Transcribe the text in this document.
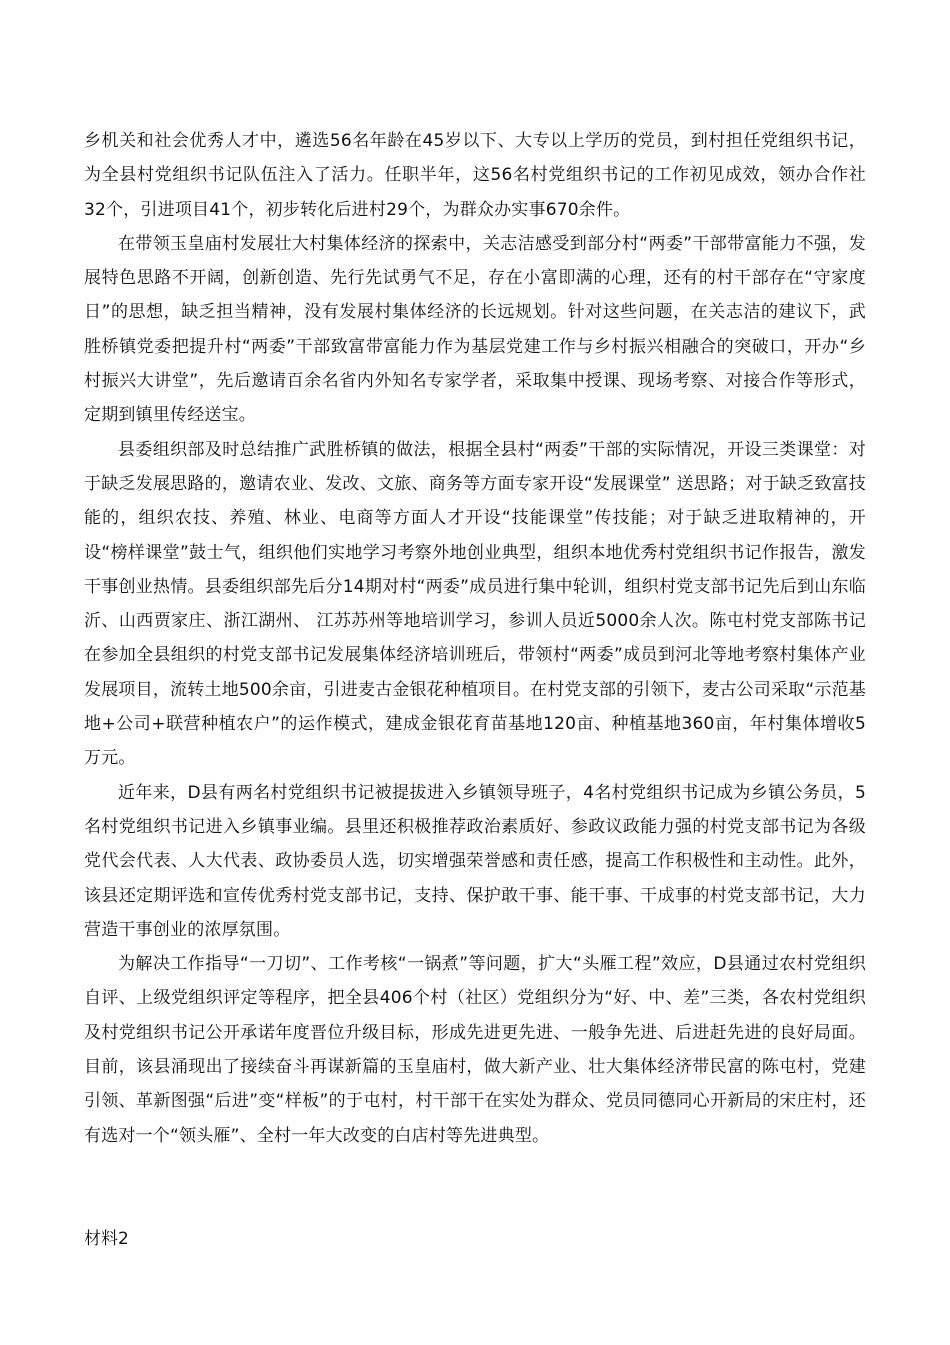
乡机关和社会优秀人才中，遴选56名年龄在45岁以下、大专以上学历的党员，到村担任党组织书记，为全县村党组织书记队伍注入了活力。任职半年，这56名村党组织书记的工作初见成效，领办合作社32个，引进项目41个，初步转化后进村29个，为群众办实事670余件。

在带领玉皇庙村发展壮大村集体经济的探索中，关志洁感受到部分村“两委”干部带富能力不强，发展特色思路不开阔，创新创造、先行先试勇气不足，存在小富即满的心理，还有的村干部存在“守家度日”的思想，缺乏担当精神，没有发展村集体经济的长远规划。针对这些问题，在关志洁的建议下，武胜桥镇党委把提升村“两委”干部致富带富能力作为基层党建工作与乡村振兴相融合的突破口，开办“乡村振兴大讲堂”，先后邀请百余名省内外知名专家学者，采取集中授课、现场考察、对接合作等形式，定期到镇里传经送宝。

县委组织部及时总结推广武胜桥镇的做法，根据全县村“两委”干部的实际情况，开设三类课堂：对于缺乏发展思路的，邀请农业、发改、文旅、商务等方面专家开设“发展课堂” 送思路；对于缺乏致富技能的，组织农技、养殖、林业、电商等方面人才开设“技能课堂”传技能；对于缺乏进取精神的，开设“榜样课堂”鼓士气，组织他们实地学习考察外地创业典型，组织本地优秀村党组织书记作报告，激发干事创业热情。县委组织部先后分14期对村“两委”成员进行集中轮训，组织村党支部书记先后到山东临沂、山西贾家庄、浙江湖州、 江苏苏州等地培训学习，参训人员近5000余人次。陈屯村党支部陈书记在参加全县组织的村党支部书记发展集体经济培训班后，带领村“两委”成员到河北等地考察村集体产业发展项目，流转土地500余亩，引进麦古金银花种植项目。在村党支部的引领下，麦古公司采取“示范基地+公司+联营种植农户”的运作模式，建成金银花育苗基地120亩、种植基地360亩，年村集体增收5万元。

近年来，D县有两名村党组织书记被提拔进入乡镇领导班子，4名村党组织书记成为乡镇公务员，5名村党组织书记进入乡镇事业编。县里还积极推荐政治素质好、参政议政能力强的村党支部书记为各级党代会代表、人大代表、政协委员人选，切实增强荣誉感和责任感，提高工作积极性和主动性。此外，该县还定期评选和宣传优秀村党支部书记，支持、保护敢干事、能干事、干成事的村党支部书记，大力营造干事创业的浓厚氛围。

为解决工作指导“一刀切”、工作考核“一锅煮”等问题，扩大“头雁工程”效应，D县通过农村党组织自评、上级党组织评定等程序，把全县406个村（社区）党组织分为“好、中、差”三类，各农村党组织及村党组织书记公开承诺年度晋位升级目标，形成先进更先进、一般争先进、后进赶先进的良好局面。目前，该县涌现出了接续奋斗再谋新篇的玉皇庙村，做大新产业、壮大集体经济带民富的陈屯村，党建引领、革新图强“后进”变“样板”的于屯村，村干部干在实处为群众、党员同德同心开新局的宋庄村，还有选对一个“领头雁”、全村一年大改变的白店村等先进典型。

材料2
